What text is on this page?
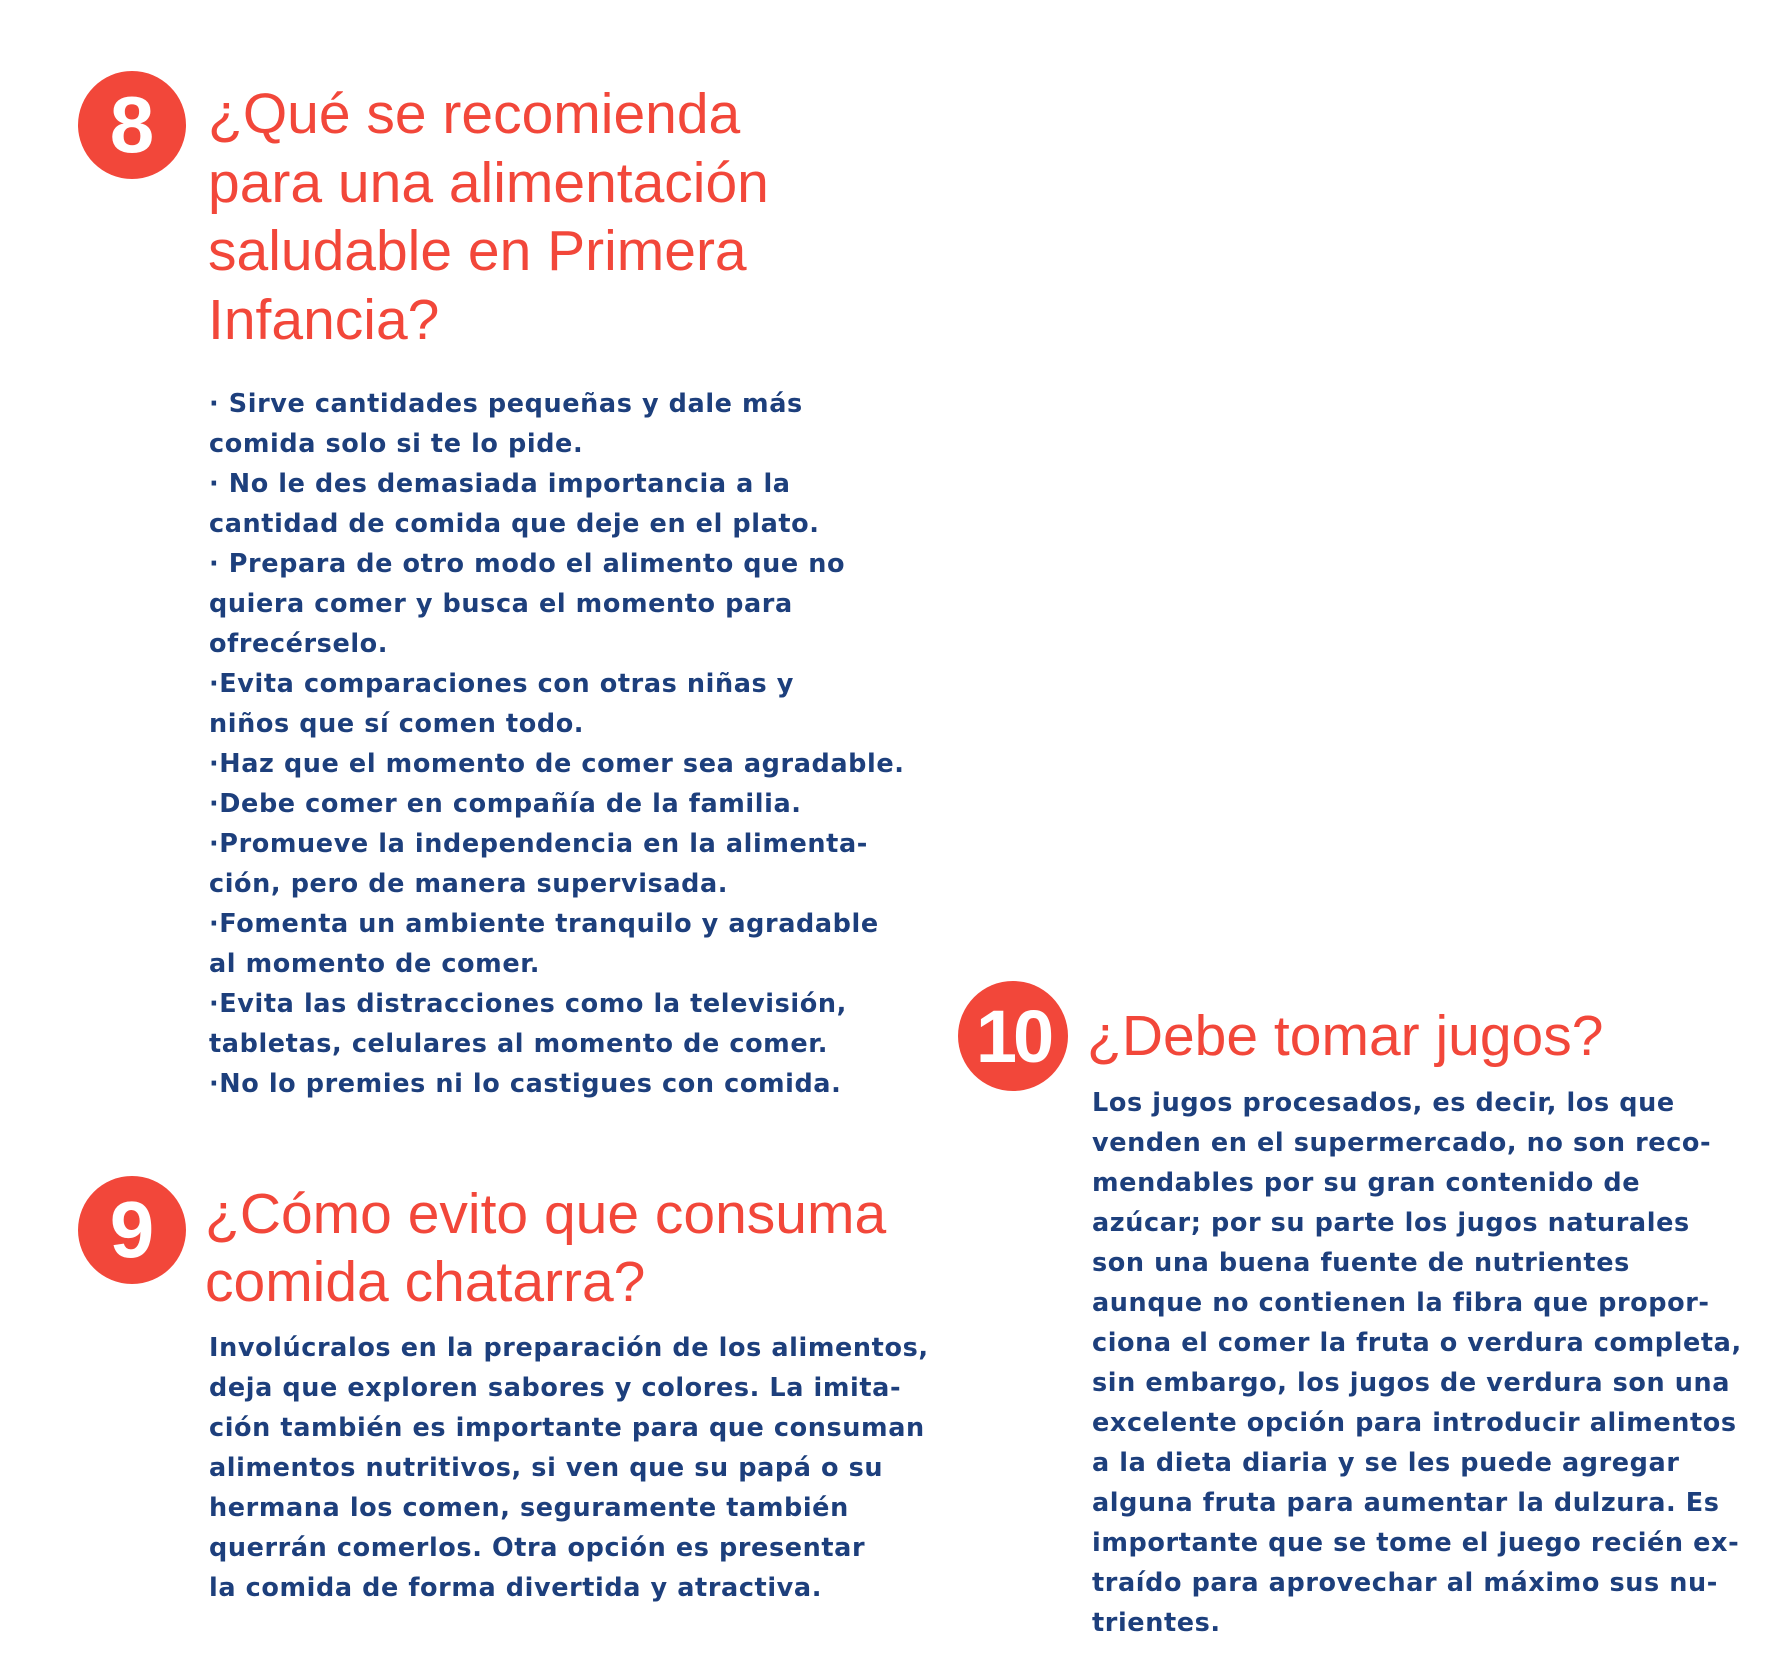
8 ¿Qué se recomienda
para una alimentación
saludable en Primera
Infancia?
· Sirve cantidades pequeñas y dale más
comida solo si te lo pide.
· No le des demasiada importancia a la
cantidad de comida que deje en el plato.
· Prepara de otro modo el alimento que no
quiera comer y busca el momento para
ofrecérselo.
·Evita comparaciones con otras niñas y
niños que sí comen todo.
·Haz que el momento de comer sea agradable.
·Debe comer en compañía de la familia.
·Promueve la independencia en la alimenta-
ción, pero de manera supervisada.
·Fomenta un ambiente tranquilo y agradable
al momento de comer.
·Evita las distracciones como la televisión,
tabletas, celulares al momento de comer.
·No lo premies ni lo castigues con comida.
9 ¿Cómo evito que consuma
comida chatarra?
Involúcralos en la preparación de los alimentos,
deja que exploren sabores y colores. La imita-
ción también es importante para que consuman
alimentos nutritivos, si ven que su papá o su
hermana los comen, seguramente también
querrán comerlos. Otra opción es presentar
la comida de forma divertida y atractiva.
10 ¿Debe tomar jugos?
Los jugos procesados, es decir, los que
venden en el supermercado, no son reco-
mendables por su gran contenido de
azúcar; por su parte los jugos naturales
son una buena fuente de nutrientes
aunque no contienen la fibra que propor-
ciona el comer la fruta o verdura completa,
sin embargo, los jugos de verdura son una
excelente opción para introducir alimentos
a la dieta diaria y se les puede agregar
alguna fruta para aumentar la dulzura. Es
importante que se tome el juego recién ex-
traído para aprovechar al máximo sus nu-
trientes.
